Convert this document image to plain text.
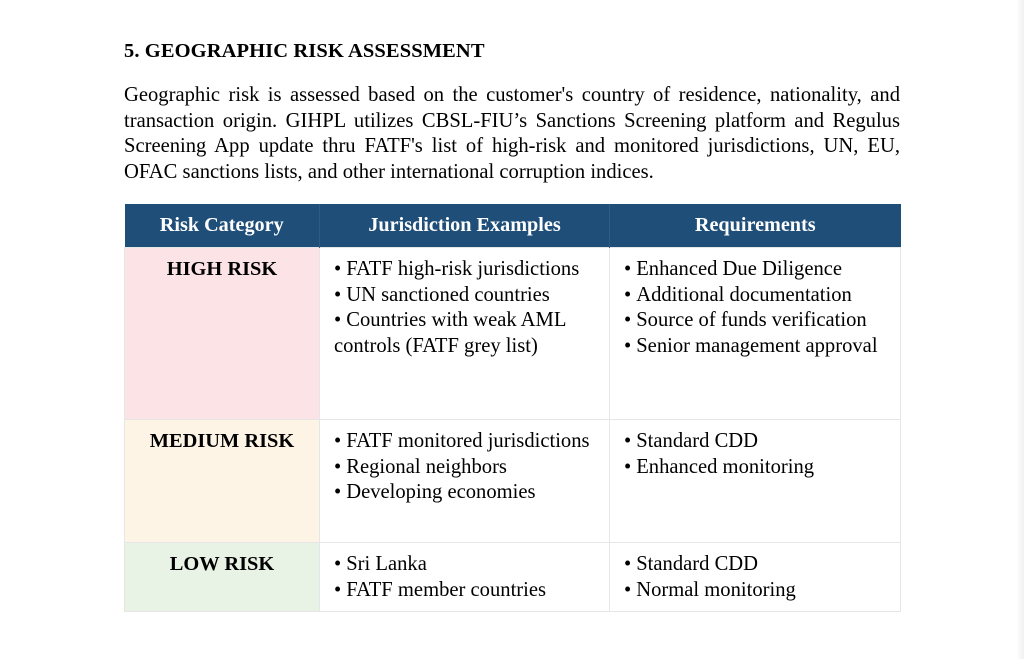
5. GEOGRAPHIC RISK ASSESSMENT

Geographic risk is assessed based on the customer's country of residence, nationality, and transaction origin. GIHPL utilizes CBSL-FIU’s Sanctions Screening platform and Regulus Screening App update thru FATF's list of high-risk and monitored jurisdictions, UN, EU, OFAC sanctions lists, and other international corruption indices.

Risk Category	Jurisdiction Examples	Requirements
HIGH RISK	• FATF high-risk jurisdictions
• UN sanctioned countries
• Countries with weak AML controls (FATF grey list)	• Enhanced Due Diligence
• Additional documentation
• Source of funds verification
• Senior management approval

MEDIUM RISK	• FATF monitored jurisdictions
• Regional neighbors
• Developing economies	• Standard CDD
• Enhanced monitoring

LOW RISK	• Sri Lanka
• FATF member countries	• Standard CDD
• Normal monitoring
